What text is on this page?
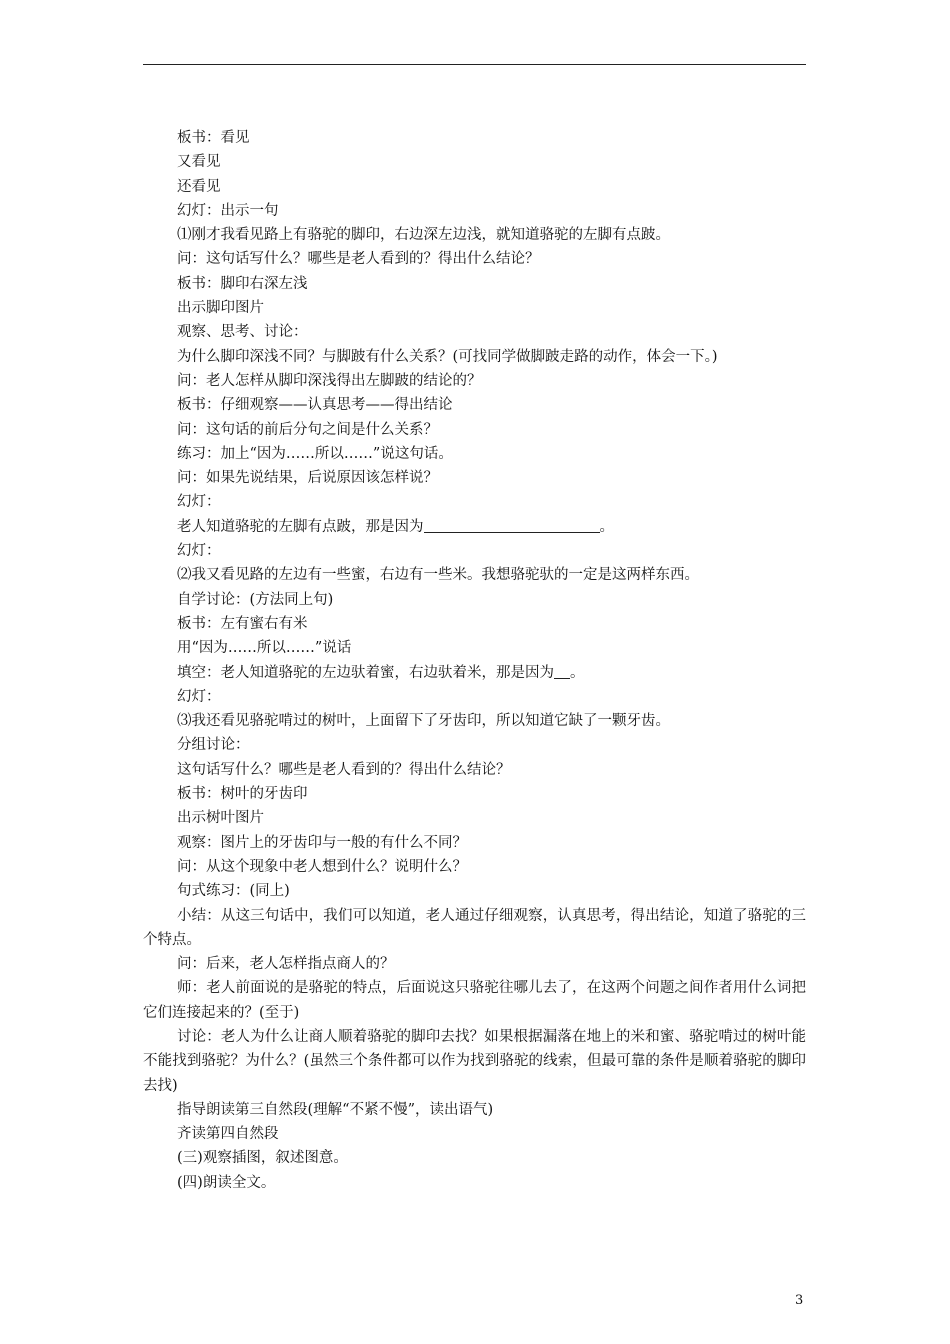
板书：看见
又看见
还看见
幻灯：出示一句
⑴刚才我看见路上有骆驼的脚印，右边深左边浅，就知道骆驼的左脚有点跛。
问：这句话写什么？哪些是老人看到的？得出什么结论？
板书：脚印右深左浅
出示脚印图片
观察、思考、讨论：
为什么脚印深浅不同？与脚跛有什么关系？(可找同学做脚跛走路的动作，体会一下。)
问：老人怎样从脚印深浅得出左脚跛的结论的？
板书：仔细观察——认真思考——得出结论
问：这句话的前后分句之间是什么关系？
练习：加上“因为……所以……”说这句话。
问：如果先说结果，后说原因该怎样说？
幻灯：
老人知道骆驼的左脚有点跛，那是因为	。
幻灯：
⑵我又看见路的左边有一些蜜，右边有一些米。我想骆驼驮的一定是这两样东西。
自学讨论：(方法同上句)
板书：左有蜜右有米
用“因为……所以……”说话
填空：老人知道骆驼的左边驮着蜜，右边驮着米，那是因为 。
幻灯：
⑶我还看见骆驼啃过的树叶，上面留下了牙齿印，所以知道它缺了一颗牙齿。
分组讨论：
这句话写什么？哪些是老人看到的？得出什么结论？
板书：树叶的牙齿印
出示树叶图片
观察：图片上的牙齿印与一般的有什么不同？
问：从这个现象中老人想到什么？说明什么？
句式练习：(同上)
小结：从这三句话中，我们可以知道，老人通过仔细观察，认真思考，得出结论，知道了骆驼的三个特点。
问：后来，老人怎样指点商人的？
师：老人前面说的是骆驼的特点，后面说这只骆驼往哪儿去了，在这两个问题之间作者用什么词把它们连接起来的？(至于)
讨论：老人为什么让商人顺着骆驼的脚印去找？如果根据漏落在地上的米和蜜、骆驼啃过的树叶能不能找到骆驼？为什么？(虽然三个条件都可以作为找到骆驼的线索，但最可靠的条件是顺着骆驼的脚印去找)
指导朗读第三自然段(理解“不紧不慢”，读出语气)
齐读第四自然段
(三)观察插图，叙述图意。
(四)朗读全文。
3
